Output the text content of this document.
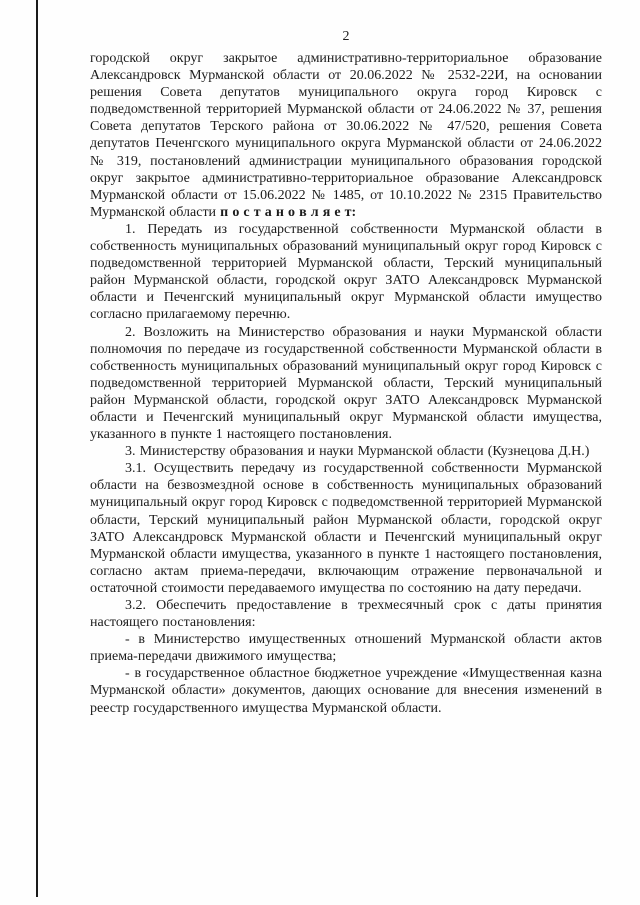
2

городской округ закрытое административно-территориальное образование Александровск Мурманской области от 20.06.2022 № 2532-22И, на основании решения Совета депутатов муниципального округа город Кировск с подведомственной территорией Мурманской области от 24.06.2022 № 37, решения Совета депутатов Терского района от 30.06.2022 № 47/520, решения Совета депутатов Печенгского муниципального округа Мурманской области от 24.06.2022 № 319, постановлений администрации муниципального образования городской округ закрытое административно-территориальное образование Александровск Мурманской области от 15.06.2022 № 1485, от 10.10.2022 № 2315 Правительство Мурманской области п о с т а н о в л я е т:

1. Передать из государственной собственности Мурманской области в собственность муниципальных образований муниципальный округ город Кировск с подведомственной территорией Мурманской области, Терский муниципальный район Мурманской области, городской округ ЗАТО Александровск Мурманской области и Печенгский муниципальный округ Мурманской области имущество согласно прилагаемому перечню.

2. Возложить на Министерство образования и науки Мурманской области полномочия по передаче из государственной собственности Мурманской области в собственность муниципальных образований муниципальный округ город Кировск с подведомственной территорией Мурманской области, Терский муниципальный район Мурманской области, городской округ ЗАТО Александровск Мурманской области и Печенгский муниципальный округ Мурманской области имущества, указанного в пункте 1 настоящего постановления.

3. Министерству образования и науки Мурманской области (Кузнецова Д.Н.)

3.1. Осуществить передачу из государственной собственности Мурманской области на безвозмездной основе в собственность муниципальных образований муниципальный округ город Кировск с подведомственной территорией Мурманской области, Терский муниципальный район Мурманской области, городской округ ЗАТО Александровск Мурманской области и Печенгский муниципальный округ Мурманской области имущества, указанного в пункте 1 настоящего постановления, согласно актам приема-передачи, включающим отражение первоначальной и остаточной стоимости передаваемого имущества по состоянию на дату передачи.

3.2. Обеспечить предоставление в трехмесячный срок с даты принятия настоящего постановления:

- в Министерство имущественных отношений Мурманской области актов приема-передачи движимого имущества;

- в государственное областное бюджетное учреждение «Имущественная казна Мурманской области» документов, дающих основание для внесения изменений в реестр государственного имущества Мурманской области.
